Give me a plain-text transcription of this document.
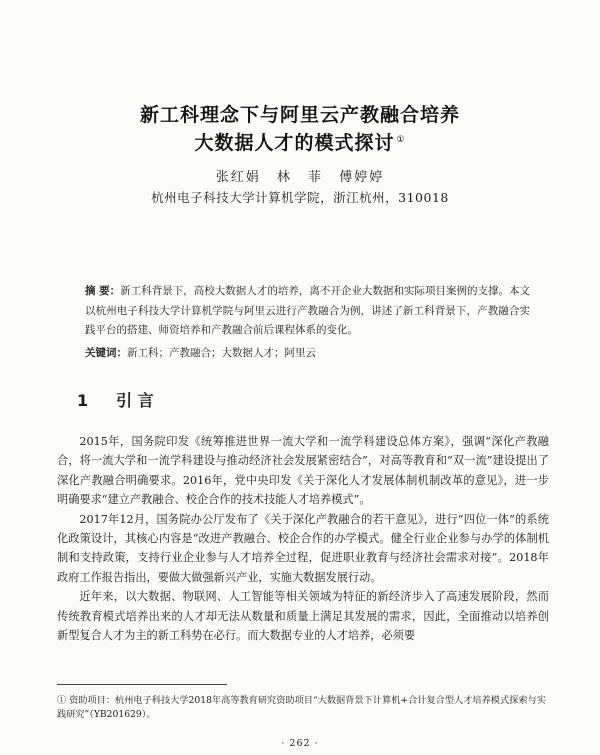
新工科理念下与阿里云产教融合培养
大数据人才的模式探讨 ①
张红娟 林 菲 傅婷婷
杭州电子科技大学计算机学院，浙江杭州，310018
摘 要：新工科背景下，高校大数据人才的培养，离不开企业大数据和实际项目案例的支撑。本文以杭州电子科技大学计算机学院与阿里云进行产教融合为例，讲述了新工科背景下，产教融合实践平台的搭建、师资培养和产教融合前后课程体系的变化。
关键词：新工科；产教融合；大数据人才；阿里云
1 引 言

2015年，国务院印发《统筹推进世界一流大学和一流学科建设总体方案》，强调“深化产教融合，将一流大学和一流学科建设与推动经济社会发展紧密结合”，对高等教育和“双一流”建设提出了深化产教融合明确要求。2016年，党中央印发《关于深化人才发展体制机制改革的意见》，进一步明确要求“建立产教融合、校企合作的技术技能人才培养模式”。

2017年12月，国务院办公厅发布了《关于深化产教融合的若干意见》，进行“四位一体”的系统化政策设计，其核心内容是“改进产教融合、校企合作的办学模式。健全行业企业参与办学的体制机制和支持政策，支持行业企业参与人才培养全过程，促进职业教育与经济社会需求对接”。2018年政府工作报告指出，要做大做强新兴产业，实施大数据发展行动。

近年来，以大数据、物联网、人工智能等相关领域为特征的新经济步入了高速发展阶段，然而传统教育模式培养出来的人才却无法从数量和质量上满足其发展的需求，因此，全面推动以培养创新型复合人才为主的新工科势在必行。而大数据专业的人才培养，必须要

① 资助项目：杭州电子科技大学2018年高等教育研究资助项目“大数据背景下计算机+合计复合型人才培养模式探索与实践研究”（YB201629）。
· 262 ·
